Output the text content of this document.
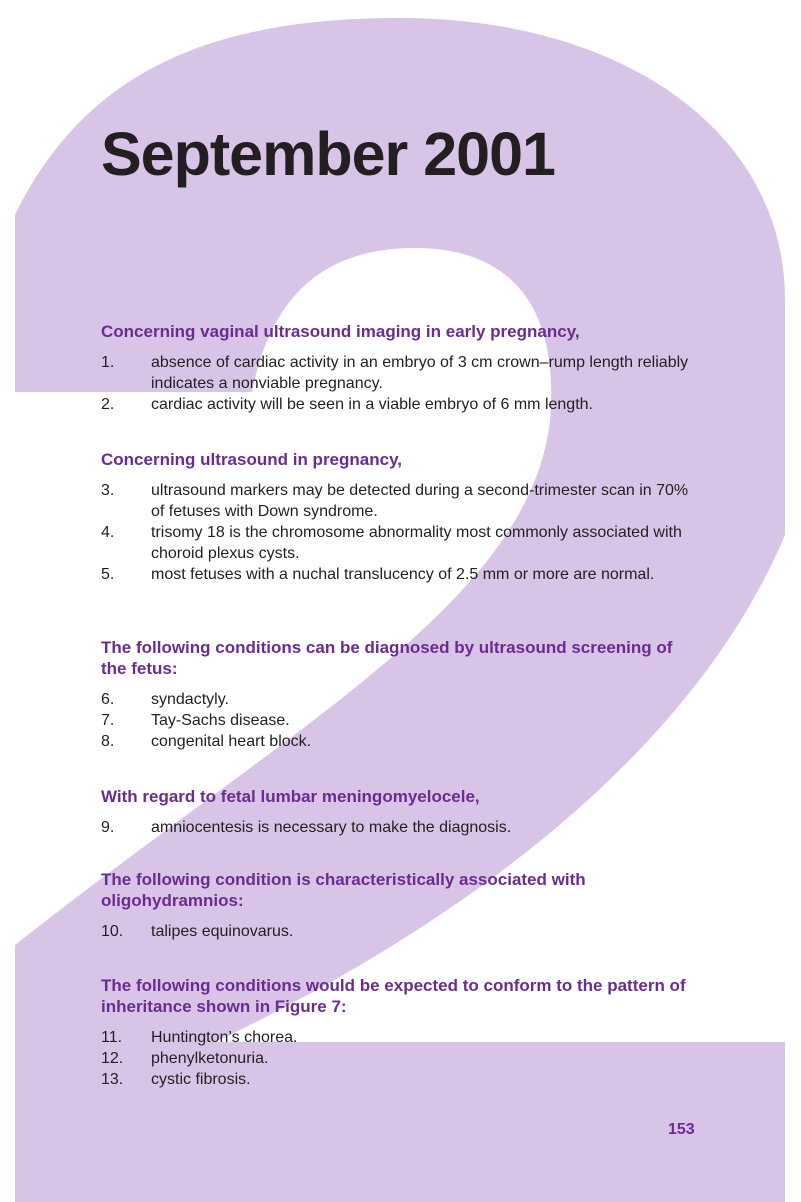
September 2001
Concerning vaginal ultrasound imaging in early pregnancy,
1. absence of cardiac activity in an embryo of 3 cm crown–rump length reliably indicates a nonviable pregnancy.
2. cardiac activity will be seen in a viable embryo of 6 mm length.
Concerning ultrasound in pregnancy,
3. ultrasound markers may be detected during a second-trimester scan in 70% of fetuses with Down syndrome.
4. trisomy 18 is the chromosome abnormality most commonly associated with choroid plexus cysts.
5. most fetuses with a nuchal translucency of 2.5 mm or more are normal.
The following conditions can be diagnosed by ultrasound screening of the fetus:
6. syndactyly.
7. Tay-Sachs disease.
8. congenital heart block.
With regard to fetal lumbar meningomyelocele,
9. amniocentesis is necessary to make the diagnosis.
The following condition is characteristically associated with oligohydramnios:
10. talipes equinovarus.
The following conditions would be expected to conform to the pattern of inheritance shown in Figure 7:
11. Huntington’s chorea.
12. phenylketonuria.
13. cystic fibrosis.
153
